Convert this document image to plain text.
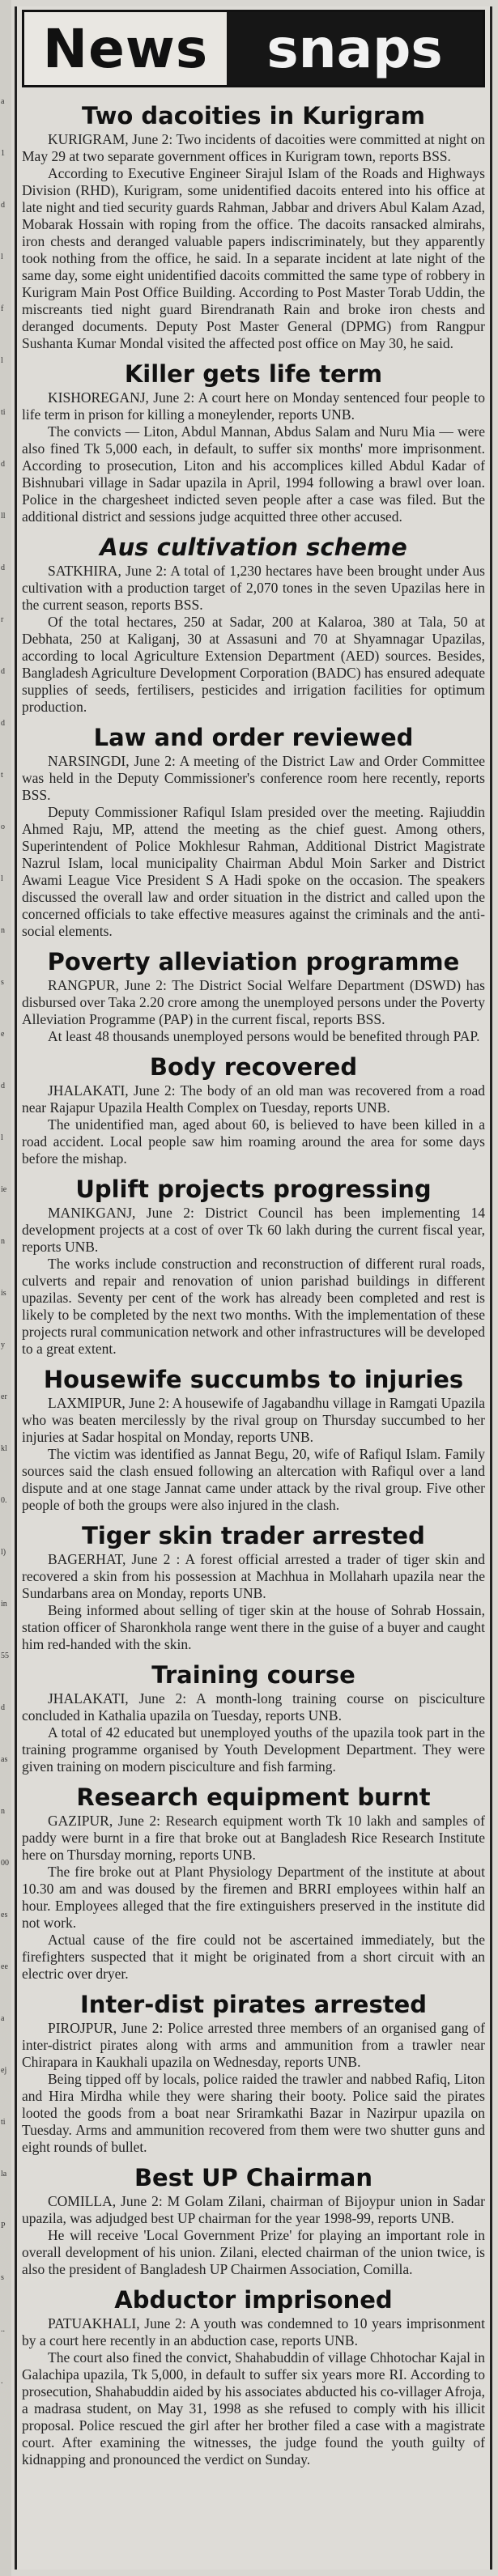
a
1
d
l
f
l
ti
d
ll
d
r
d
d
t
o
l
n
s
e
d
l
ie
n
is
y
er
kl
0.
l)
in
55
d
as
n
00
es
ee
a
ej
ti
la
P
s
..
.
News	snaps
Two dacoities in Kurigram

KURIGRAM, June 2: Two incidents of dacoities were committed at night on May 29 at two separate government offices in Kurigram town, reports BSS.

According to Executive Engineer Sirajul Islam of the Roads and Highways Division (RHD), Kurigram, some unidentified dacoits entered into his office at late night and tied security guards Rahman, Jabbar and drivers Abul Kalam Azad, Mobarak Hossain with roping from the office. The dacoits ransacked almirahs, iron chests and deranged valuable papers indiscriminately, but they apparently took nothing from the office, he said. In a separate incident at late night of the same day, some eight unidentified dacoits committed the same type of robbery in Kurigram Main Post Office Building. According to Post Master Torab Uddin, the miscreants tied night guard Birendranath Rain and broke iron chests and deranged documents. Deputy Post Master General (DPMG) from Rangpur Sushanta Kumar Mondal visited the affected post office on May 30, he said.

Killer gets life term

KISHOREGANJ, June 2: A court here on Monday sentenced four people to life term in prison for killing a moneylender, reports UNB.

The convicts — Liton, Abdul Mannan, Abdus Salam and Nuru Mia — were also fined Tk 5,000 each, in default, to suffer six months' more imprisonment. According to prosecution, Liton and his accomplices killed Abdul Kadar of Bishnubari village in Sadar upazila in April, 1994 following a brawl over loan. Police in the chargesheet indicted seven people after a case was filed. But the additional district and sessions judge acquitted three other accused.

Aus cultivation scheme

SATKHIRA, June 2: A total of 1,230 hectares have been brought under Aus cultivation with a production target of 2,070 tones in the seven Upazilas here in the current season, reports BSS.

Of the total hectares, 250 at Sadar, 200 at Kalaroa, 380 at Tala, 50 at Debhata, 250 at Kaliganj, 30 at Assasuni and 70 at Shyamnagar Upazilas, according to local Agriculture Extension Department (AED) sources. Besides, Bangladesh Agriculture Development Corporation (BADC) has ensured adequate supplies of seeds, fertilisers, pesticides and irrigation facilities for optimum production.

Law and order reviewed

NARSINGDI, June 2: A meeting of the District Law and Order Committee was held in the Deputy Commissioner's conference room here recently, reports BSS.

Deputy Commissioner Rafiqul Islam presided over the meeting. Rajiuddin Ahmed Raju, MP, attend the meeting as the chief guest. Among others, Superintendent of Police Mokhlesur Rahman, Additional District Magistrate Nazrul Islam, local municipality Chairman Abdul Moin Sarker and District Awami League Vice President S A Hadi spoke on the occasion. The speakers discussed the overall law and order situation in the district and called upon the concerned officials to take effective measures against the criminals and the anti-social elements.

Poverty alleviation programme

RANGPUR, June 2: The District Social Welfare Department (DSWD) has disbursed over Taka 2.20 crore among the unemployed persons under the Poverty Alleviation Programme (PAP) in the current fiscal, reports BSS.

At least 48 thousands unemployed persons would be benefited through PAP.

Body recovered

JHALAKATI, June 2: The body of an old man was recovered from a road near Rajapur Upazila Health Complex on Tuesday, reports UNB.

The unidentified man, aged about 60, is believed to have been killed in a road accident. Local people saw him roaming around the area for some days before the mishap.

Uplift projects progressing

MANIKGANJ, June 2: District Council has been implementing 14 development projects at a cost of over Tk 60 lakh during the current fiscal year, reports UNB.

The works include construction and reconstruction of different rural roads, culverts and repair and renovation of union parishad buildings in different upazilas. Seventy per cent of the work has already been completed and rest is likely to be completed by the next two months. With the implementation of these projects rural communication network and other infrastructures will be developed to a great extent.

Housewife succumbs to injuries

LAXMIPUR, June 2: A housewife of Jagabandhu village in Ramgati Upazila who was beaten mercilessly by the rival group on Thursday succumbed to her injuries at Sadar hospital on Monday, reports UNB.

The victim was identified as Jannat Begu, 20, wife of Rafiqul Islam. Family sources said the clash ensued following an altercation with Rafiqul over a land dispute and at one stage Jannat came under attack by the rival group. Five other people of both the groups were also injured in the clash.

Tiger skin trader arrested

BAGERHAT, June 2 : A forest official arrested a trader of tiger skin and recovered a skin from his possession at Machhua in Mollaharh upazila near the Sundarbans area on Monday, reports UNB.

Being informed about selling of tiger skin at the house of Sohrab Hossain, station officer of Sharonkhola range went there in the guise of a buyer and caught him red-handed with the skin.

Training course

JHALAKATI, June 2: A month-long training course on pisciculture concluded in Kathalia upazila on Tuesday, reports UNB.

A total of 42 educated but unemployed youths of the upazila took part in the training programme organised by Youth Development Department. They were given training on modern pisciculture and fish farming.

Research equipment burnt

GAZIPUR, June 2: Research equipment worth Tk 10 lakh and samples of paddy were burnt in a fire that broke out at Bangladesh Rice Research Institute here on Thursday morning, reports UNB.

The fire broke out at Plant Physiology Department of the institute at about 10.30 am and was doused by the firemen and BRRI employees within half an hour. Employees alleged that the fire extinguishers preserved in the institute did not work.

Actual cause of the fire could not be ascertained immediately, but the firefighters suspected that it might be originated from a short circuit with an electric over dryer.

Inter-dist pirates arrested

PIROJPUR, June 2: Police arrested three members of an organised gang of inter-district pirates along with arms and ammunition from a trawler near Chirapara in Kaukhali upazila on Wednesday, reports UNB.

Being tipped off by locals, police raided the trawler and nabbed Rafiq, Liton and Hira Mirdha while they were sharing their booty. Police said the pirates looted the goods from a boat near Sriramkathi Bazar in Nazirpur upazila on Tuesday. Arms and ammunition recovered from them were two shutter guns and eight rounds of bullet.

Best UP Chairman

COMILLA, June 2: M Golam Zilani, chairman of Bijoypur union in Sadar upazila, was adjudged best UP chairman for the year 1998-99, reports UNB.

He will receive 'Local Government Prize' for playing an important role in overall development of his union. Zilani, elected chairman of the union twice, is also the president of Bangladesh UP Chairmen Association, Comilla.

Abductor imprisoned

PATUAKHALI, June 2: A youth was condemned to 10 years imprisonment by a court here recently in an abduction case, reports UNB.

The court also fined the convict, Shahabuddin of village Chhotochar Kajal in Galachipa upazila, Tk 5,000, in default to suffer six years more RI. According to prosecution, Shahabuddin aided by his associates abducted his co-villager Afroja, a madrasa student, on May 31, 1998 as she refused to comply with his illicit proposal. Police rescued the girl after her brother filed a case with a magistrate court. After examining the witnesses, the judge found the youth guilty of kidnapping and pronounced the verdict on Sunday.
